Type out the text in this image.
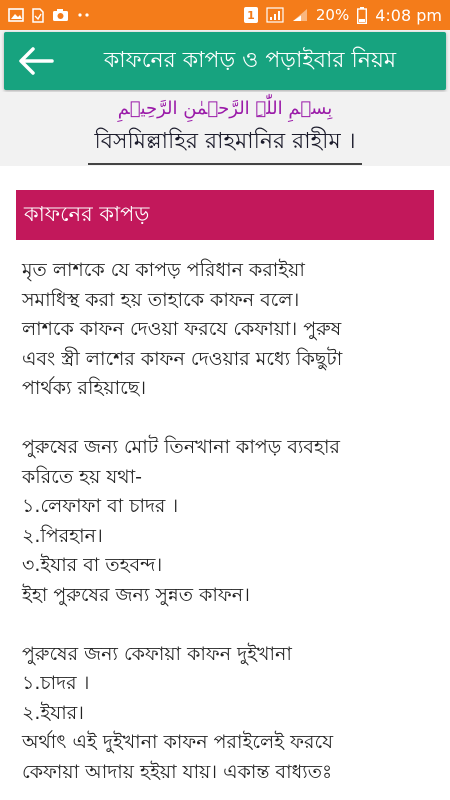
1	20% 4:08 pm
কাফনের কাপড় ও পড়াইবার নিয়ম
بِسۡمِ اللّٰہِ الرَّحۡمٰنِ الرَّحِیۡمِ
বিসমিল্লাহির রাহমানির রাহীম ।
কাফনের কাপড়
মৃত লাশকে যে কাপড় পরিধান করাইয়া
সমাধিস্থ করা হয় তাহাকে কাফন বলে।
লাশকে কাফন দেওয়া ফরযে কেফায়া। পুরুষ
এবং স্ত্রী লাশের কাফন দেওয়ার মধ্যে কিছুটা
পার্থক্য রহিয়াছে।
পুরুষের জন্য মোট তিনখানা কাপড় ব্যবহার
করিতে হয় যথা-
১.লেফাফা বা চাদর ।
২.পিরহান।
৩.ইযার বা তহবন্দ।
ইহা পুরুষের জন্য সুন্নত কাফন।
পুরুষের জন্য কেফায়া কাফন দুইখানা
১.চাদর ।
২.ইযার।
অর্থাৎ এই দুইখানা কাফন পরাইলেই ফরযে
কেফায়া আদায় হইয়া যায়। একান্ত বাধ্যতঃ
